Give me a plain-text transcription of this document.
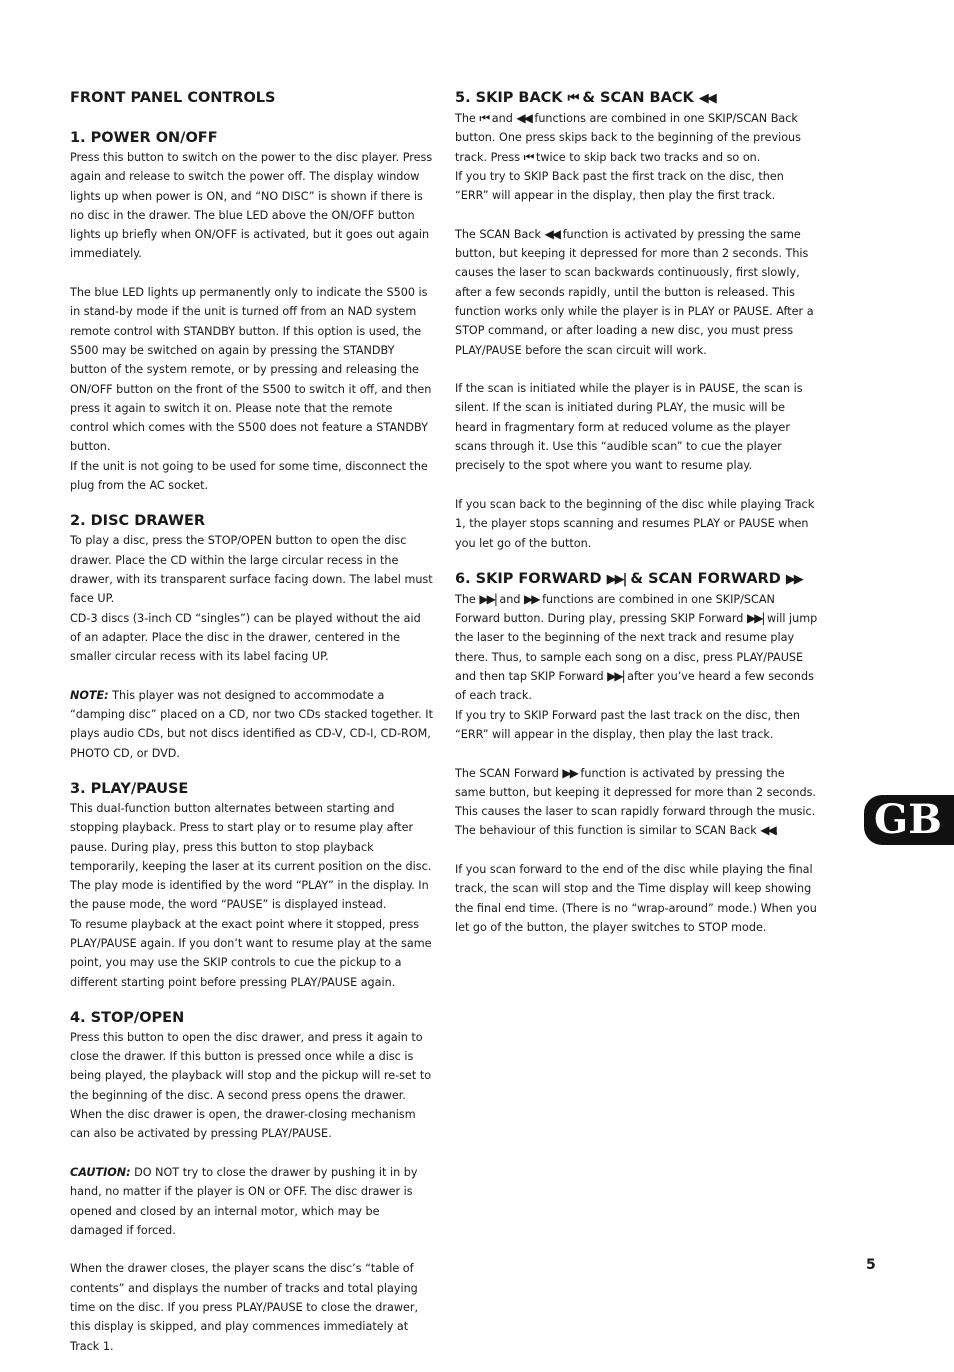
FRONT PANEL CONTROLS
1. POWER ON/OFF

Press this button to switch on the power to the disc player. Press again and release to switch the power off. The display window lights up when power is ON, and “NO DISC” is shown if there is no disc in the drawer. The blue LED above the ON/OFF button lights up briefly when ON/OFF is activated, but it goes out again immediately.

The blue LED lights up permanently only to indicate the S500 is in stand-by mode if the unit is turned off from an NAD system remote control with STANDBY button. If this option is used, the S500 may be switched on again by pressing the STANDBY button of the system remote, or by pressing and releasing the ON/OFF button on the front of the S500 to switch it off, and then press it again to switch it on. Please note that the remote control which comes with the S500 does not feature a STANDBY button.

If the unit is not going to be used for some time, disconnect the plug from the AC socket.

2. DISC DRAWER

To play a disc, press the STOP/OPEN button to open the disc drawer. Place the CD within the large circular recess in the drawer, with its transparent surface facing down. The label must face UP.

CD-3 discs (3-inch CD “singles”) can be played without the aid of an adapter. Place the disc in the drawer, centered in the smaller circular recess with its label facing UP.

NOTE: This player was not designed to accommodate a “damping disc” placed on a CD, nor two CDs stacked together. It plays audio CDs, but not discs identified as CD-V, CD-I, CD-ROM, PHOTO CD, or DVD.

3. PLAY/PAUSE

This dual-function button alternates between starting and stopping playback. Press to start play or to resume play after pause. During play, press this button to stop playback temporarily, keeping the laser at its current position on the disc.

The play mode is identified by the word “PLAY” in the display. In the pause mode, the word “PAUSE” is displayed instead.

To resume playback at the exact point where it stopped, press PLAY/PAUSE again. If you don’t want to resume play at the same point, you may use the SKIP controls to cue the pickup to a different starting point before pressing PLAY/PAUSE again.

4. STOP/OPEN

Press this button to open the disc drawer, and press it again to close the drawer. If this button is pressed once while a disc is being played, the playback will stop and the pickup will re-set to the beginning of the disc. A second press opens the drawer.

When the disc drawer is open, the drawer-closing mechanism can also be activated by pressing PLAY/PAUSE.

CAUTION: DO NOT try to close the drawer by pushing it in by hand, no matter if the player is ON or OFF. The disc drawer is opened and closed by an internal motor, which may be damaged if forced.

When the drawer closes, the player scans the disc’s “table of contents” and displays the number of tracks and total playing time on the disc. If you press PLAY/PAUSE to close the drawer, this display is skipped, and play commences immediately at Track 1.

5. SKIP BACK ⏮ & SCAN BACK ◀◀

The ⏮ and ◀◀ functions are combined in one SKIP/SCAN Back button. One press skips back to the beginning of the previous track. Press ⏮ twice to skip back two tracks and so on.

If you try to SKIP Back past the first track on the disc, then “ERR” will appear in the display, then play the first track.

The SCAN Back ◀◀ function is activated by pressing the same button, but keeping it depressed for more than 2 seconds. This causes the laser to scan backwards continuously, first slowly, after a few seconds rapidly, until the button is released. This function works only while the player is in PLAY or PAUSE. After a STOP command, or after loading a new disc, you must press PLAY/PAUSE before the scan circuit will work.

If the scan is initiated while the player is in PAUSE, the scan is silent. If the scan is initiated during PLAY, the music will be heard in fragmentary form at reduced volume as the player scans through it. Use this “audible scan” to cue the player precisely to the spot where you want to resume play.

If you scan back to the beginning of the disc while playing Track 1, the player stops scanning and resumes PLAY or PAUSE when you let go of the button.

6. SKIP FORWARD ▶▶| & SCAN FORWARD ▶▶

The ▶▶| and ▶▶ functions are combined in one SKIP/SCAN Forward button. During play, pressing SKIP Forward ▶▶| will jump the laser to the beginning of the next track and resume play there. Thus, to sample each song on a disc, press PLAY/PAUSE and then tap SKIP Forward ▶▶| after you’ve heard a few seconds of each track.

If you try to SKIP Forward past the last track on the disc, then “ERR” will appear in the display, then play the last track.

The SCAN Forward ▶▶ function is activated by pressing the same button, but keeping it depressed for more than 2 seconds. This causes the laser to scan rapidly forward through the music. The behaviour of this function is similar to SCAN Back ◀◀.

If you scan forward to the end of the disc while playing the final track, the scan will stop and the Time display will keep showing the final end time. (There is no “wrap-around” mode.) When you let go of the button, the player switches to STOP mode.

GB
5
